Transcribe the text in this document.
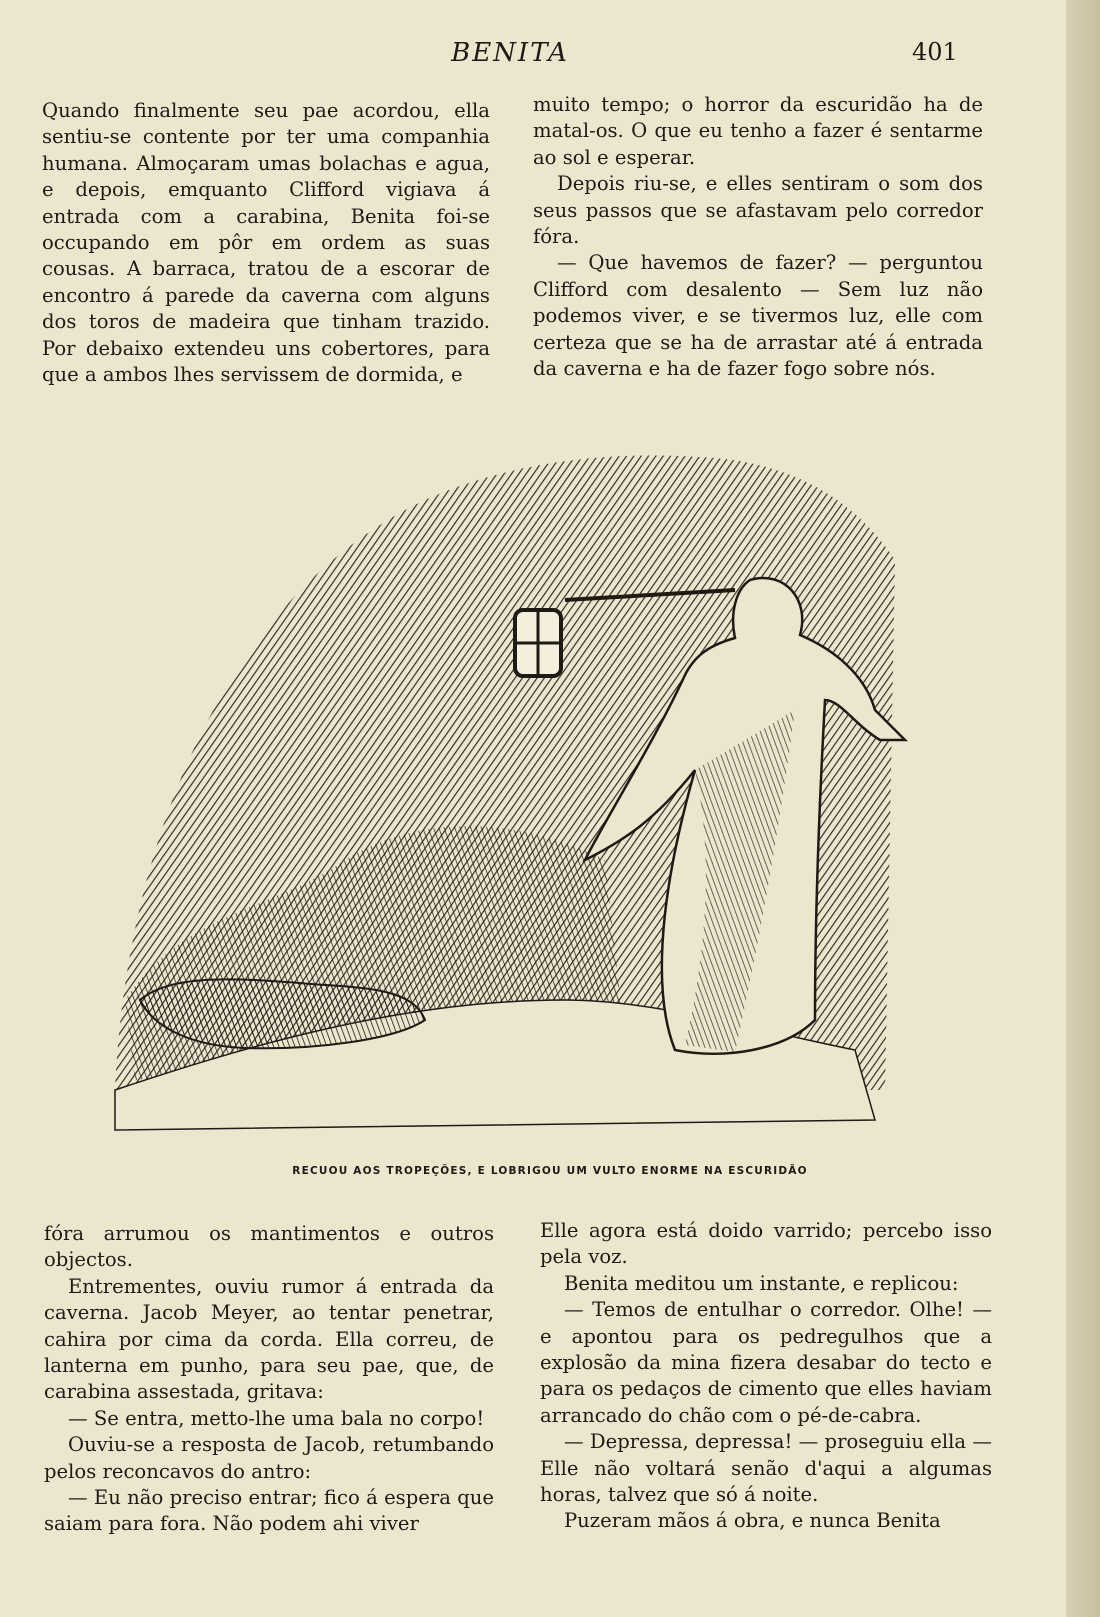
BENITA	401

Quando finalmente seu pae acordou, ella sentiu-se contente por ter uma companhia humana. Almoçaram umas bolachas e agua, e depois, emquanto Clifford vigiava á entrada com a carabina, Benita foi-se occupando em pôr em ordem as suas cousas. A barraca, tratou de a escorar de encontro á parede da caverna com alguns dos toros de madeira que tinham trazido. Por debaixo extendeu uns cobertores, para que a ambos lhes servissem de dormida, e

muito tempo; o horror da escuridão ha de matal-os. O que eu tenho a fazer é sentarme ao sol e esperar.

Depois riu-se, e elles sentiram o som dos seus passos que se afastavam pelo corredor fóra.

— Que havemos de fazer? — perguntou Clifford com desalento — Sem luz não podemos viver, e se tivermos luz, elle com certeza que se ha de arrastar até á entrada da caverna e ha de fazer fogo sobre nós.

RECUOU AOS TROPEÇÕES, E LOBRIGOU UM VULTO ENORME NA ESCURIDÃO

fóra arrumou os mantimentos e outros objectos.

Entrementes, ouviu rumor á entrada da caverna. Jacob Meyer, ao tentar penetrar, cahira por cima da corda. Ella correu, de lanterna em punho, para seu pae, que, de carabina assestada, gritava:

— Se entra, metto-lhe uma bala no corpo!

Ouviu-se a resposta de Jacob, retumbando pelos reconcavos do antro:

— Eu não preciso entrar; fico á espera que saiam para fora. Não podem ahi viver

Elle agora está doido varrido; percebo isso pela voz.

Benita meditou um instante, e replicou:

— Temos de entulhar o corredor. Olhe! — e apontou para os pedregulhos que a explosão da mina fizera desabar do tecto e para os pedaços de cimento que elles haviam arrancado do chão com o pé-de-cabra.

— Depressa, depressa! — proseguiu ella — Elle não voltará senão d'aqui a algumas horas, talvez que só á noite.

Puzeram mãos á obra, e nunca Benita
